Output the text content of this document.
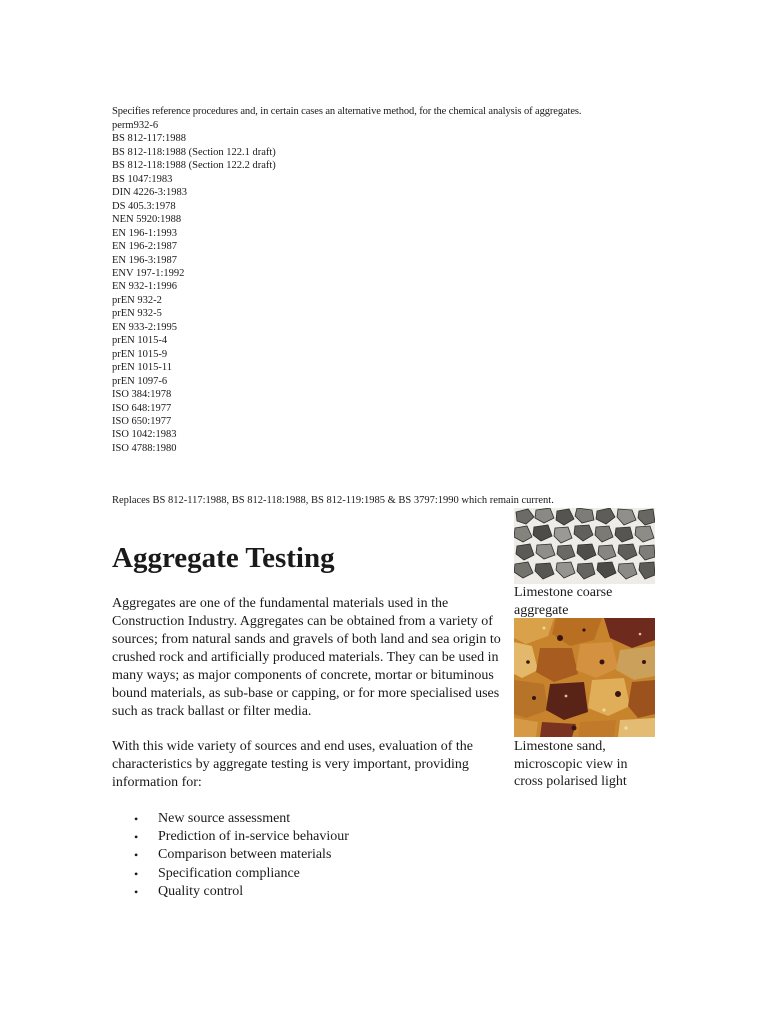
Specifies reference procedures and, in certain cases an alternative method, for the chemical analysis of aggregates.

perm932-6
BS 812-117:1988
BS 812-118:1988 (Section 122.1 draft)
BS 812-118:1988 (Section 122.2 draft)
BS 1047:1983
DIN 4226-3:1983
DS 405.3:1978
NEN 5920:1988
EN 196-1:1993
EN 196-2:1987
EN 196-3:1987
ENV 197-1:1992
EN 932-1:1996
prEN 932-2
prEN 932-5
EN 933-2:1995
prEN 1015-4
prEN 1015-9
prEN 1015-11
prEN 1097-6
ISO 384:1978
ISO 648:1977
ISO 650:1977
ISO 1042:1983
ISO 4788:1980

Replaces BS 812-117:1988, BS 812-118:1988, BS 812-119:1985 & BS 3797:1990 which remain current.

Aggregate Testing

Aggregates are one of the fundamental materials used in the Construction Industry. Aggregates can be obtained from a variety of sources; from natural sands and gravels of both land and sea origin to crushed rock and artificially produced materials. They can be used in many ways; as major components of concrete, mortar or bituminous bound materials, as sub-base or capping, or for more specialised uses such as track ballast or filter media.

With this wide variety of sources and end uses, evaluation of the characteristics by aggregate testing is very important, providing information for:

• New source assessment
• Prediction of in-service behaviour
• Comparison between materials
• Specification compliance
• Quality control

Limestone coarse aggregate

Limestone sand, microscopic view in cross polarised light
